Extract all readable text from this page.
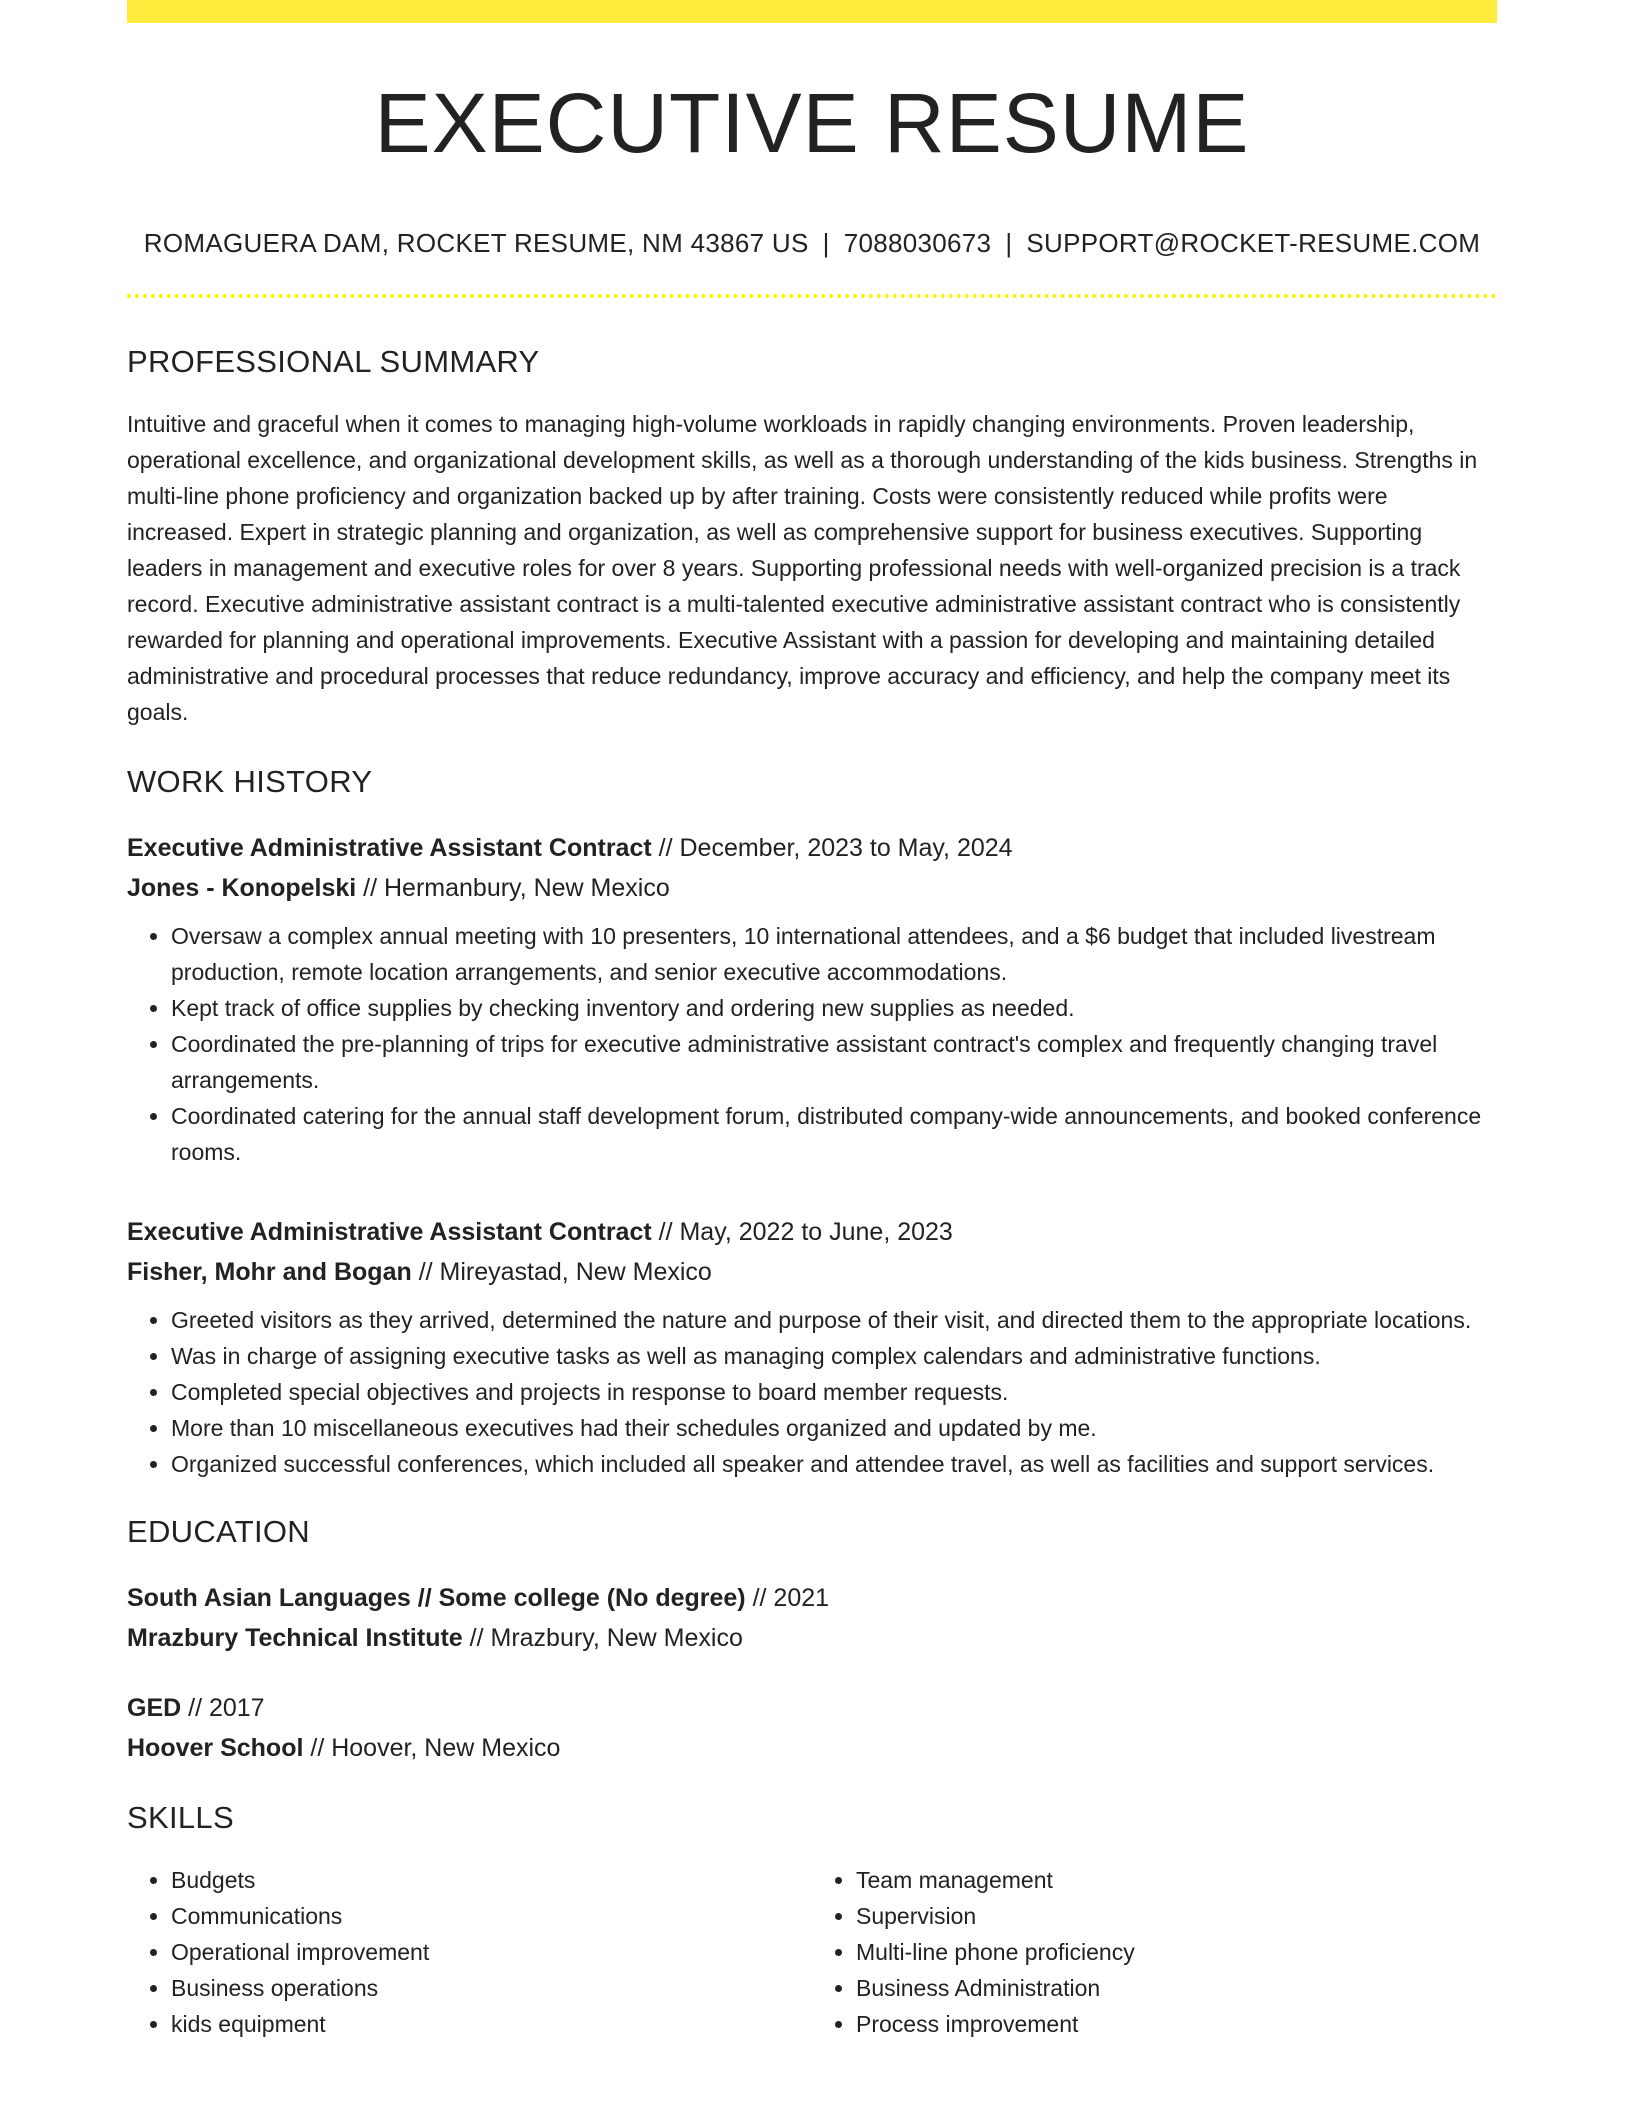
EXECUTIVE RESUME
ROMAGUERA DAM, ROCKET RESUME, NM 43867 US | 7088030673 | SUPPORT@ROCKET-RESUME.COM
PROFESSIONAL SUMMARY
Intuitive and graceful when it comes to managing high-volume workloads in rapidly changing environments. Proven leadership, operational excellence, and organizational development skills, as well as a thorough understanding of the kids business. Strengths in multi-line phone proficiency and organization backed up by after training. Costs were consistently reduced while profits were increased. Expert in strategic planning and organization, as well as comprehensive support for business executives. Supporting leaders in management and executive roles for over 8 years. Supporting professional needs with well-organized precision is a track record. Executive administrative assistant contract is a multi-talented executive administrative assistant contract who is consistently rewarded for planning and operational improvements. Executive Assistant with a passion for developing and maintaining detailed administrative and procedural processes that reduce redundancy, improve accuracy and efficiency, and help the company meet its goals.
WORK HISTORY
Executive Administrative Assistant Contract // December, 2023 to May, 2024
Jones - Konopelski // Hermanbury, New Mexico
• Oversaw a complex annual meeting with 10 presenters, 10 international attendees, and a $6 budget that included livestream production, remote location arrangements, and senior executive accommodations.
• Kept track of office supplies by checking inventory and ordering new supplies as needed.
• Coordinated the pre-planning of trips for executive administrative assistant contract's complex and frequently changing travel arrangements.
• Coordinated catering for the annual staff development forum, distributed company-wide announcements, and booked conference rooms.
Executive Administrative Assistant Contract // May, 2022 to June, 2023
Fisher, Mohr and Bogan // Mireyastad, New Mexico
• Greeted visitors as they arrived, determined the nature and purpose of their visit, and directed them to the appropriate locations.
• Was in charge of assigning executive tasks as well as managing complex calendars and administrative functions.
• Completed special objectives and projects in response to board member requests.
• More than 10 miscellaneous executives had their schedules organized and updated by me.
• Organized successful conferences, which included all speaker and attendee travel, as well as facilities and support services.
EDUCATION
South Asian Languages // Some college (No degree) // 2021
Mrazbury Technical Institute // Mrazbury, New Mexico
GED // 2017
Hoover School // Hoover, New Mexico
SKILLS
• Budgets
• Communications
• Operational improvement
• Business operations
• kids equipment
• Team management
• Supervision
• Multi-line phone proficiency
• Business Administration
• Process improvement
